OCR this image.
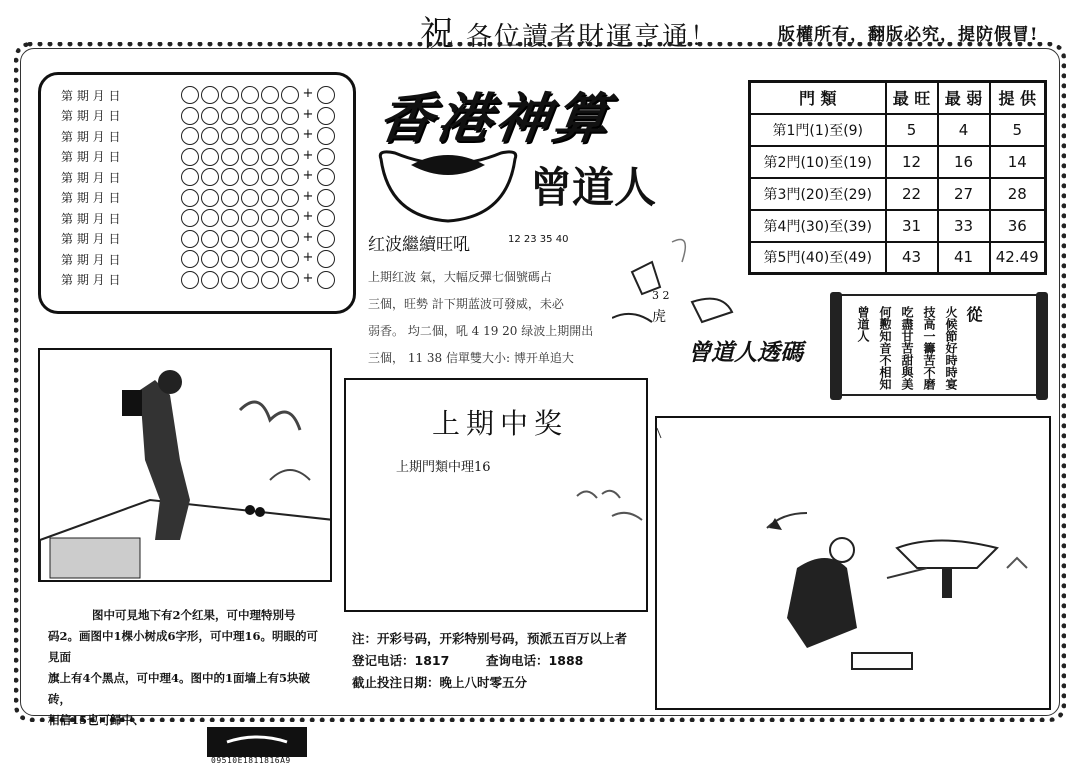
祝 各位讀者財運亨通！	版權所有，翻版必究，提防假冒!
第 期 月 日	+
第 期 月 日	+
第 期 月 日	+
第 期 月 日	+
第 期 月 日	+
第 期 月 日	+
第 期 月 日	+
第 期 月 日	+
第 期 月 日	+
第 期 月 日	+
香港神算
曾道人
红波繼續旺吼	12 23 35 40
上期红波 氣，大幅反彈七個號碼占
三個，旺勢 計下期蓝波可發威，未必
弱香。 均二個，吼 4 19 20 绿波上期開出
三個， 11 38 信單雙大小: 博开单追大
3 2
虎
曾道人透碼
門 類	最 旺	最 弱	提 供
第1門(1)至(9)	5	4	5
第2門(10)至(19)	12	16	14
第3門(20)至(29)	22	27	28
第4門(30)至(39)	31	33	36
第5門(40)至(49)	43	41	42.49
從
火候節好時時宴
技高一籌苦不磨
吃盡甘苦甜與美
何懃知音不相知
曾道人
上期中奖
上期門類中理16
图中可見地下有2个红果，可中理特別号
码2。画图中1棵小树成6字形，可中理16。明眼的可見面
旗上有4个黑点，可中理4。图中的1面墙上有5块破砖，
相信15也可歸中、
注：开彩号码，开彩特别号码，预派五百万以上者
登记电话：1817	查询电话：1888
截止投注日期：晚上八时零五分
09510E1811816A9
